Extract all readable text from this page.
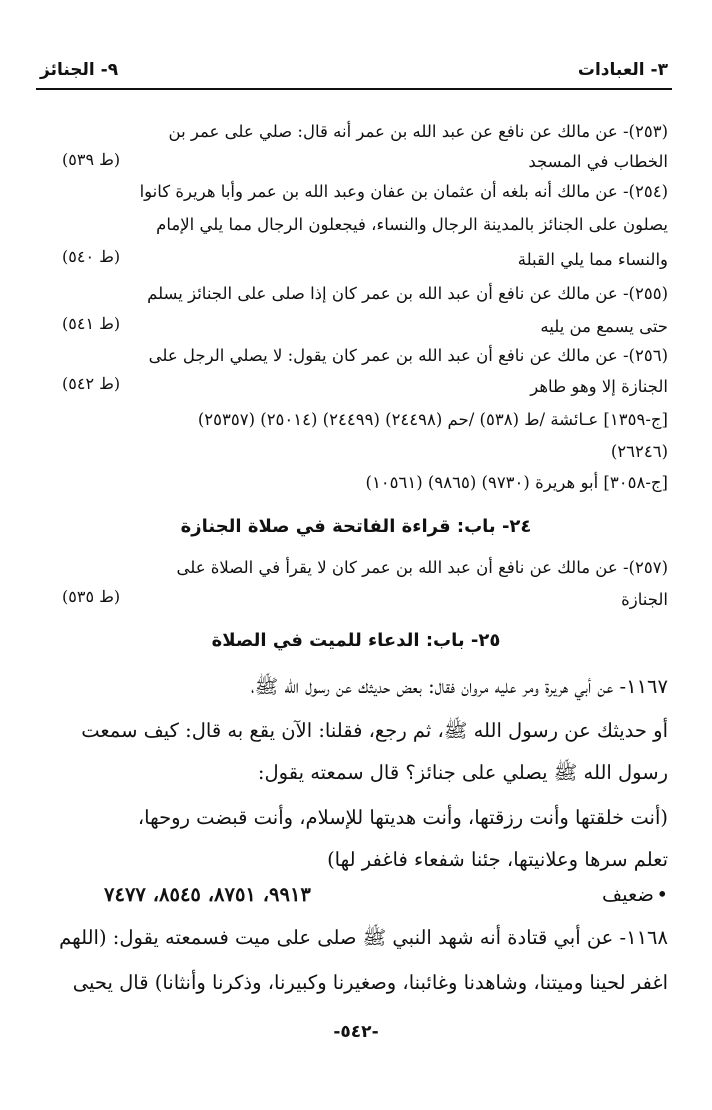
٣- العبادات
٩- الجنائز
(٢٥٣)- عن مالك عن نافع عن عبد الله بن عمر أنه قال: صلي على عمر بن
الخطاب في المسجد
(ط ٥٣٩)
(٢٥٤)- عن مالك أنه بلغه أن عثمان بن عفان وعبد الله بن عمر وأبا هريرة كانوا
يصلون على الجنائز بالمدينة الرجال والنساء، فيجعلون الرجال مما يلي الإمام
والنساء مما يلي القبلة
(ط ٥٤٠)
(٢٥٥)- عن مالك عن نافع أن عبد الله بن عمر كان إذا صلى على الجنائز يسلم
حتى يسمع من يليه
(ط ٥٤١)
(٢٥٦)- عن مالك عن نافع أن عبد الله بن عمر كان يقول: لا يصلي الرجل على
الجنازة إلا وهو طاهر
(ط ٥٤٢)
[ج-١٣٥٩] عـائشة /ط (٥٣٨) /حم (٢٤٤٩٨) (٢٤٤٩٩) (٢٥٠١٤) (٢٥٣٥٧)
(٢٦٢٤٦)
[ج-٣٠٥٨] أبو هريرة (٩٧٣٠) (٩٨٦٥) (١٠٥٦١)
٢٤- باب: قراءة الفاتحة في صلاة الجنازة
(٢٥٧)- عن مالك عن نافع أن عبد الله بن عمر كان لا يقرأ في الصلاة على
الجنازة
(ط ٥٣٥)
٢٥- باب: الدعاء للميت في الصلاة
١١٦٧- عن أبي هريرة ومر عليه مروان فقال: بعض حديثك عن رسول الله ﷺ،
أو حديثك عن رسول الله ﷺ، ثم رجع، فقلنا: الآن يقع به قال: كيف سمعت
رسول الله ﷺ يصلي على جنائز؟ قال سمعته يقول:
(أنت خلقتها وأنت رزقتها، وأنت هديتها للإسلام، وأنت قبضت روحها،
تعلم سرها وعلانيتها، جئنا شفعاء فاغفر لها)
•
ضعيف
٩٩١٣، ٨٧٥١، ٨٥٤٥، ٧٤٧٧
١١٦٨- عن أبي قتادة أنه شهد النبي ﷺ صلى على ميت فسمعته يقول: (اللهم
اغفر لحينا وميتنا، وشاهدنا وغائبنا، وصغيرنا وكبيرنا، وذكرنا وأنثانا) قال يحيى
-٥٤٢-
